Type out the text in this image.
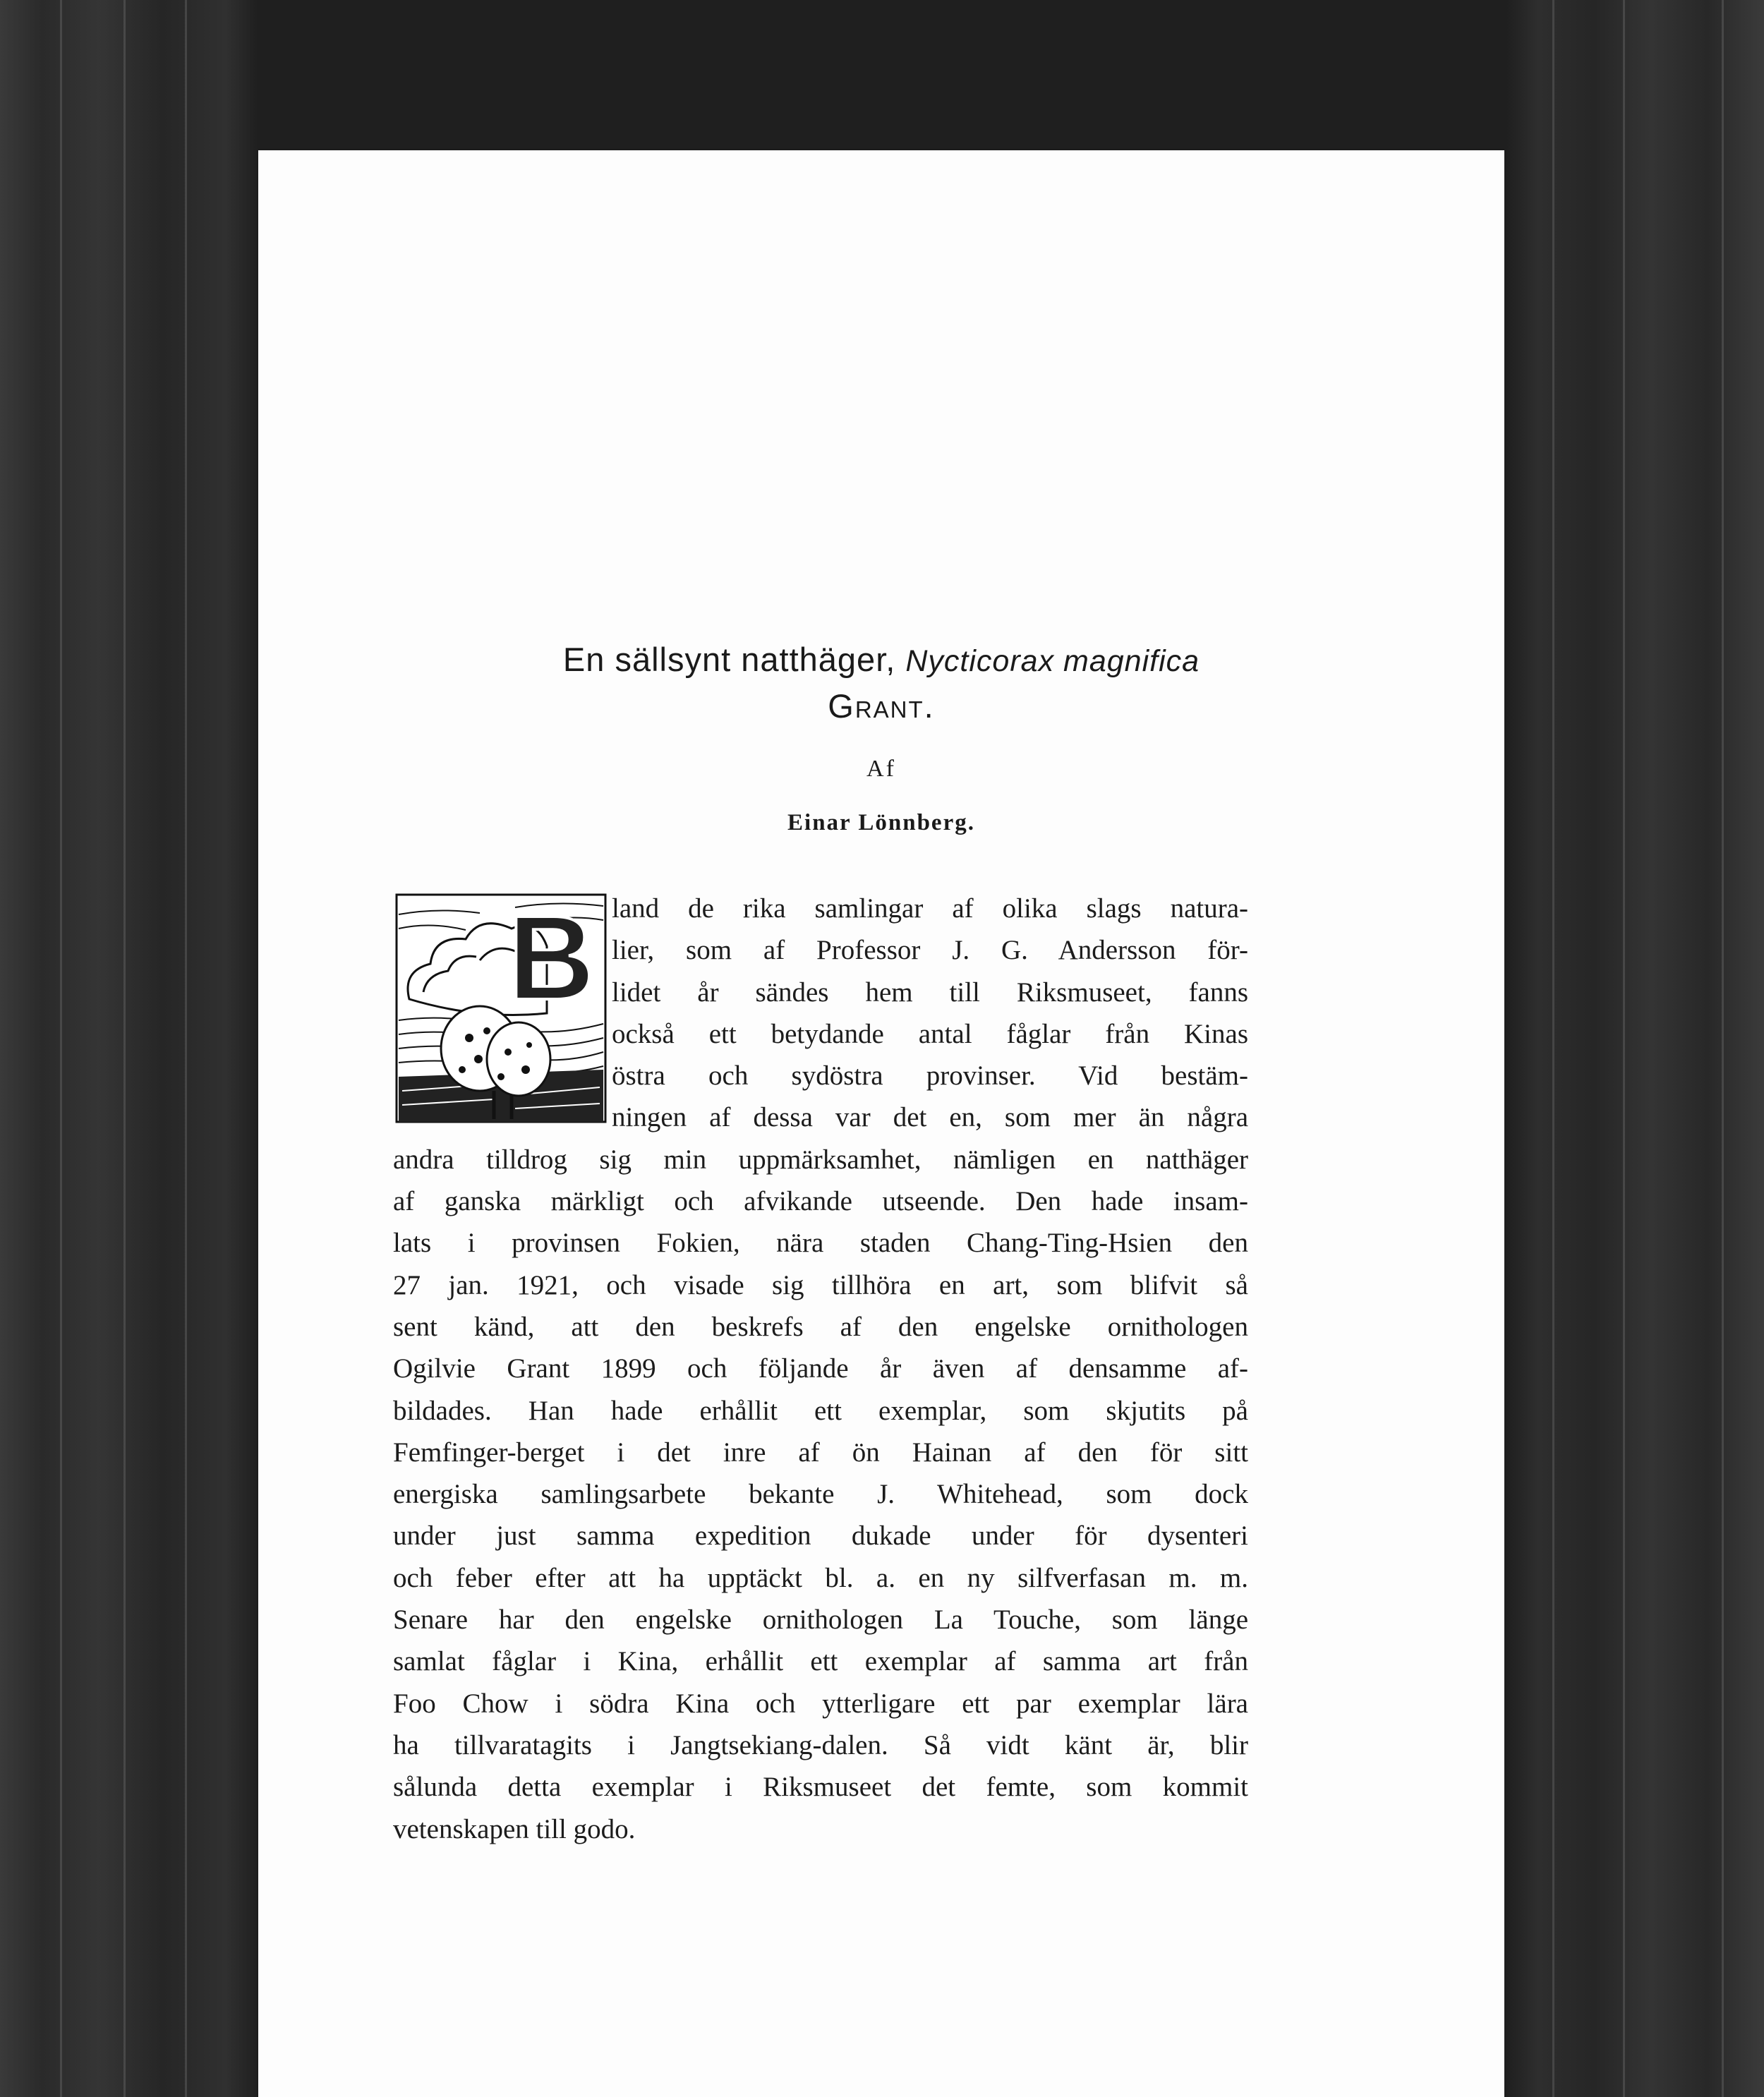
En sällsynt natthäger, Nycticorax magnifica
Grant.
Af
Einar Lönnberg.
B land de rika samlingar af olika slags natura-
lier, som af Professor J. G. Andersson för-
lidet år sändes hem till Riksmuseet, fanns
också ett betydande antal fåglar från Kinas
östra och sydöstra provinser. Vid bestäm-
ningen af dessa var det en, som mer än några
andra tilldrog sig min uppmärksamhet, nämligen en natthäger
af ganska märkligt och afvikande utseende. Den hade insam-
lats i provinsen Fokien, nära staden Chang-Ting-Hsien den
27 jan. 1921, och visade sig tillhöra en art, som blifvit så
sent känd, att den beskrefs af den engelske ornithologen
Ogilvie Grant 1899 och följande år även af densamme af-
bildades. Han hade erhållit ett exemplar, som skjutits på
Femfinger-berget i det inre af ön Hainan af den för sitt
energiska samlingsarbete bekante J. Whitehead, som dock
under just samma expedition dukade under för dysenteri
och feber efter att ha upptäckt bl. a. en ny silfverfasan m. m.
Senare har den engelske ornithologen La Touche, som länge
samlat fåglar i Kina, erhållit ett exemplar af samma art från
Foo Chow i södra Kina och ytterligare ett par exemplar lära
ha tillvaratagits i Jangtsekiang-dalen. Så vidt känt är, blir
sålunda detta exemplar i Riksmuseet det femte, som kommit
vetenskapen till godo.
